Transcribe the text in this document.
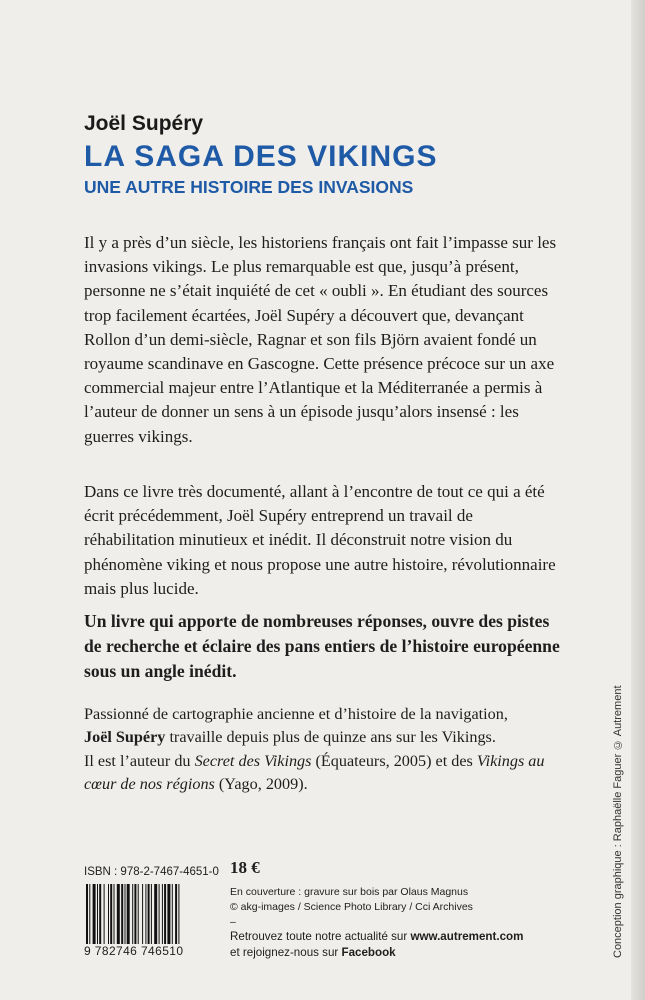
Joël Supéry
LA SAGA DES VIKINGS
UNE AUTRE HISTOIRE DES INVASIONS

Il y a près d’un siècle, les historiens français ont fait l’impasse sur les invasions vikings. Le plus remarquable est que, jusqu’à présent, personne ne s’était inquiété de cet « oubli ». En étudiant des sources trop facilement écartées, Joël Supéry a découvert que, devançant Rollon d’un demi-siècle, Ragnar et son fils Björn avaient fondé un royaume scandinave en Gascogne. Cette présence précoce sur un axe commercial majeur entre l’Atlantique et la Méditerranée a permis à l’auteur de donner un sens à un épisode jusqu’alors insensé : les guerres vikings.

Dans ce livre très documenté, allant à l’encontre de tout ce qui a été écrit précédemment, Joël Supéry entreprend un travail de réhabilitation minutieux et inédit. Il déconstruit notre vision du phénomène viking et nous propose une autre histoire, révolutionnaire mais plus lucide.

Un livre qui apporte de nombreuses réponses, ouvre des pistes de recherche et éclaire des pans entiers de l’histoire européenne sous un angle inédit.

Passionné de cartographie ancienne et d’histoire de la navigation,
Joël Supéry travaille depuis plus de quinze ans sur les Vikings.
Il est l’auteur du Secret des Vikings (Équateurs, 2005) et des Vikings au cœur de nos régions (Yago, 2009).

ISBN : 978-2-7467-4651-0

9 782746 746510

18 €

En couverture : gravure sur bois par Olaus Magnus
© akg-images / Science Photo Library / Cci Archives
–

Retrouvez toute notre actualité sur www.autrement.com
et rejoignez-nous sur Facebook	Conception graphique : Raphaëlle Faguer © Autrement
